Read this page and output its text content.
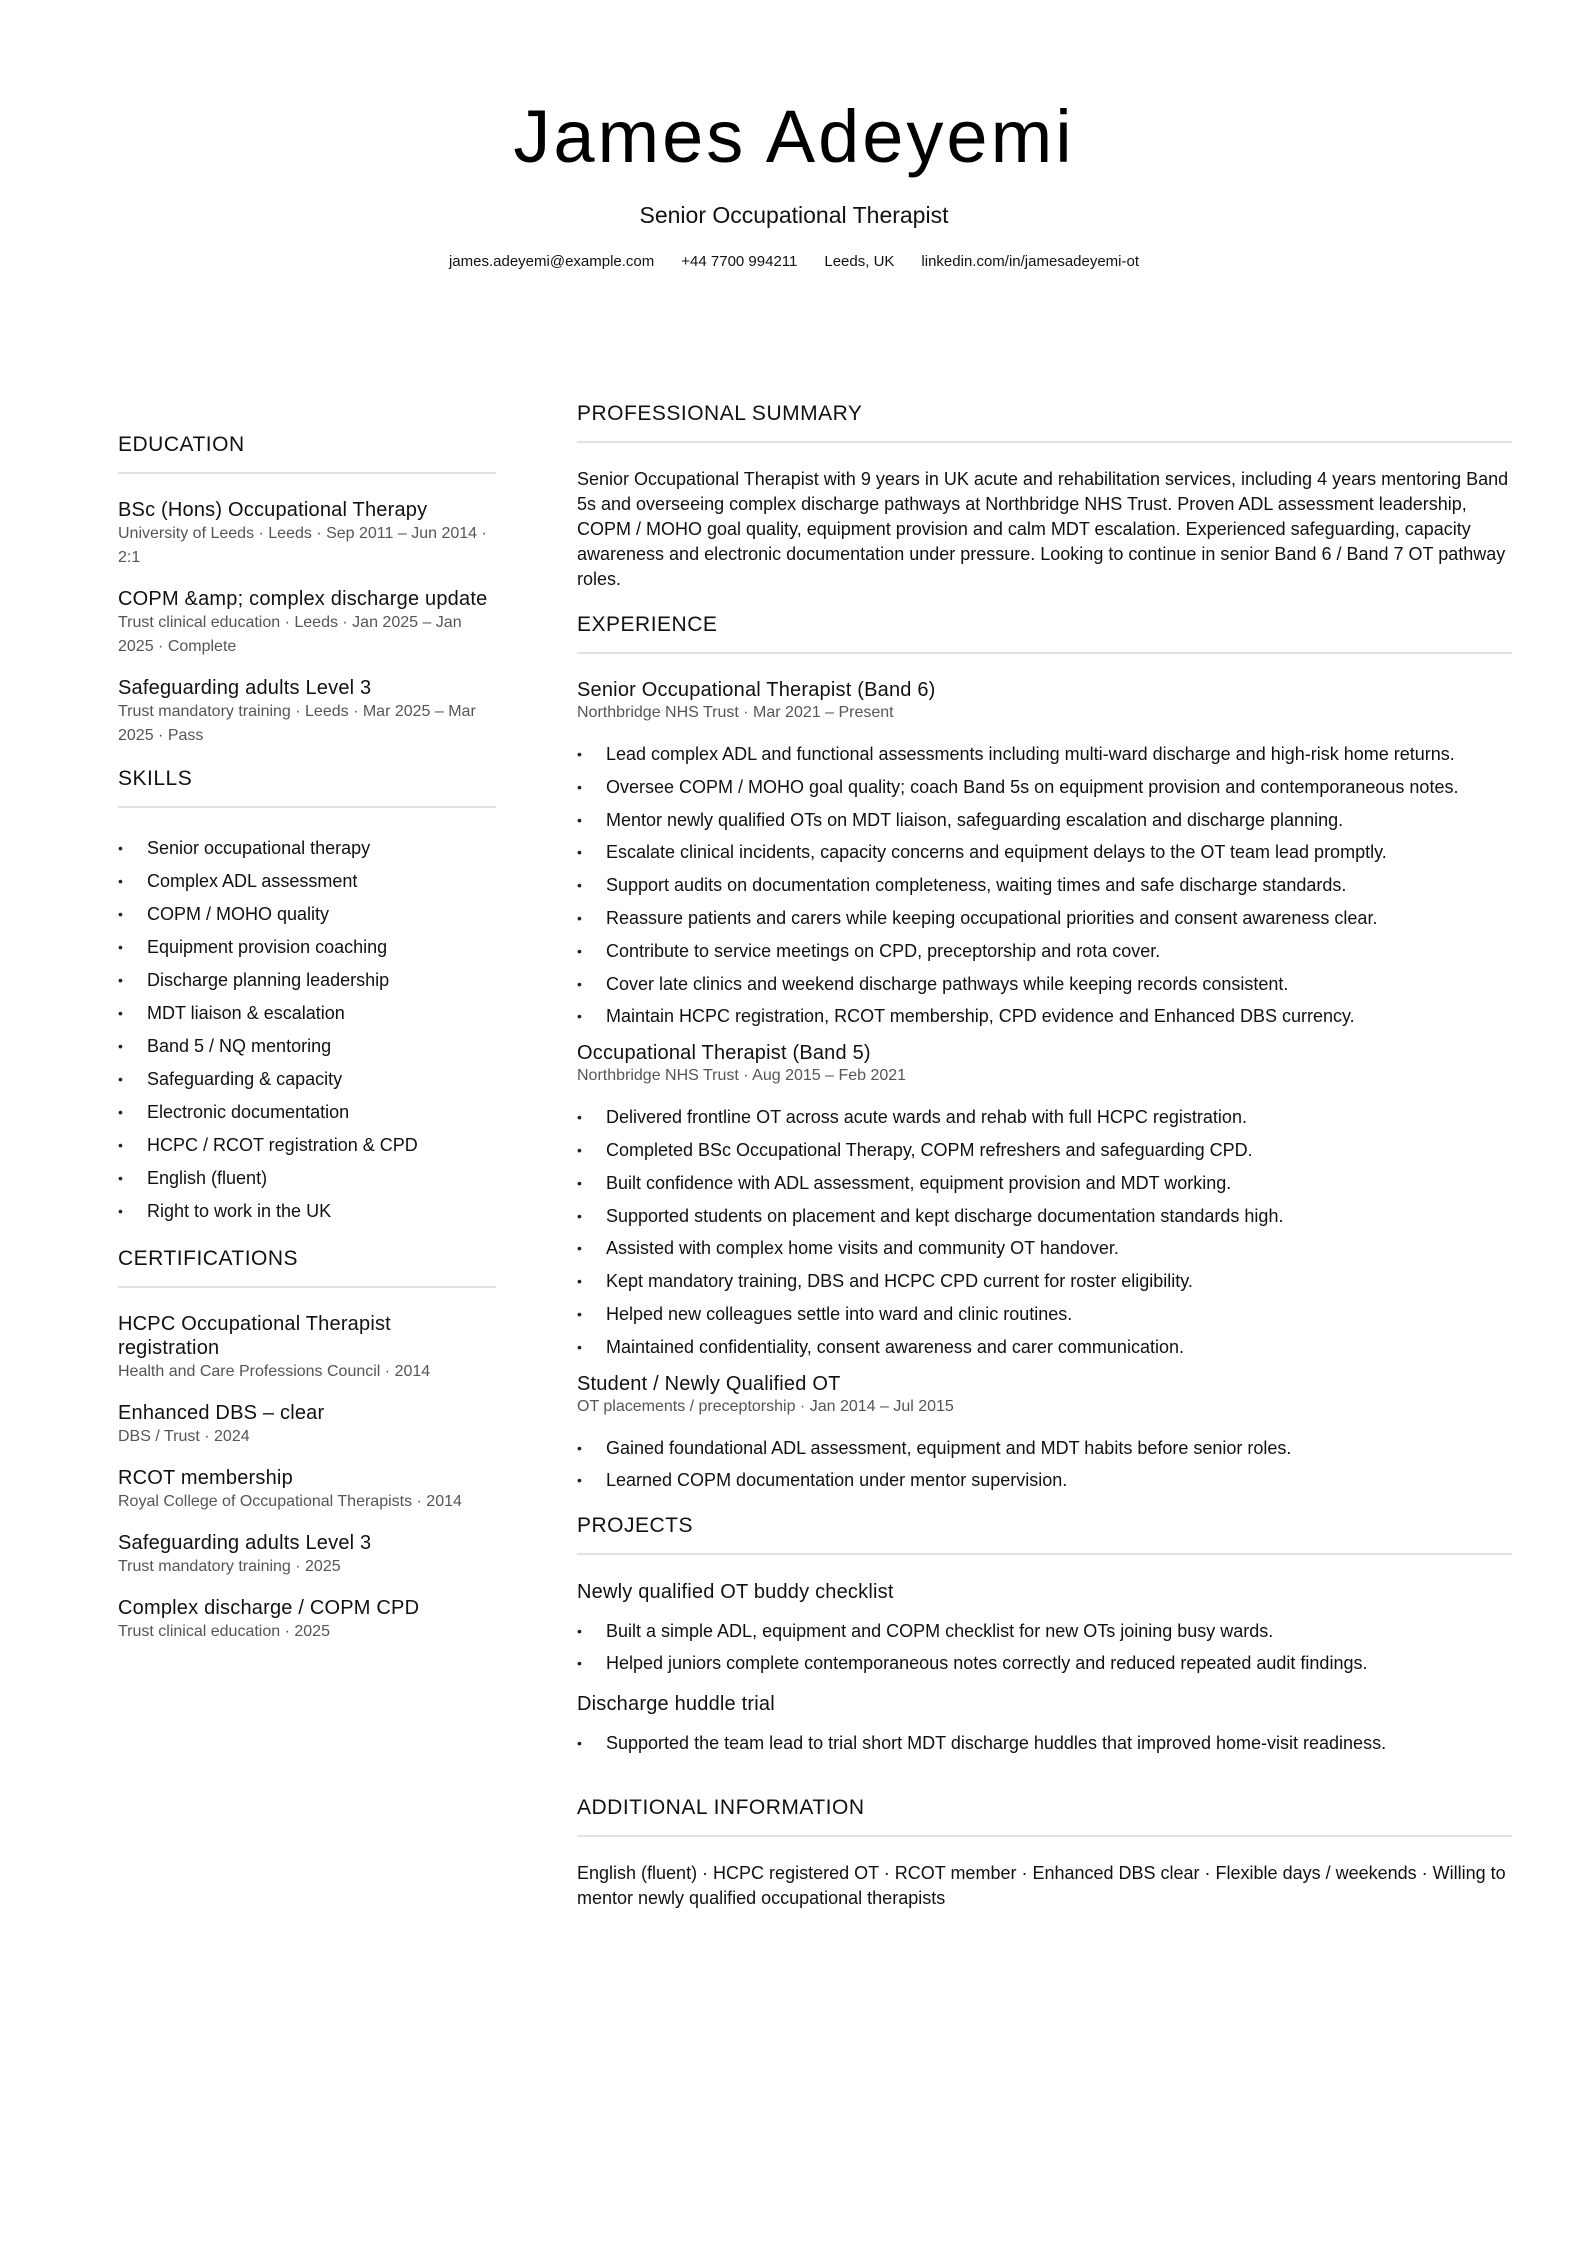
James Adeyemi
Senior Occupational Therapist
james.adeyemi@example.com +44 7700 994211 Leeds, UK linkedin.com/in/jamesadeyemi-ot
EDUCATION
BSc (Hons) Occupational Therapy
University of Leeds · Leeds · Sep 2011 – Jun 2014 · 2:1
COPM &amp; complex discharge update
Trust clinical education · Leeds · Jan 2025 – Jan 2025 · Complete
Safeguarding adults Level 3
Trust mandatory training · Leeds · Mar 2025 – Mar 2025 · Pass
SKILLS
• Senior occupational therapy
• Complex ADL assessment
• COPM / MOHO quality
• Equipment provision coaching
• Discharge planning leadership
• MDT liaison & escalation
• Band 5 / NQ mentoring
• Safeguarding & capacity
• Electronic documentation
• HCPC / RCOT registration & CPD
• English (fluent)
• Right to work in the UK
CERTIFICATIONS
HCPC Occupational Therapist registration
Health and Care Professions Council · 2014
Enhanced DBS – clear
DBS / Trust · 2024
RCOT membership
Royal College of Occupational Therapists · 2014
Safeguarding adults Level 3
Trust mandatory training · 2025
Complex discharge / COPM CPD
Trust clinical education · 2025
PROFESSIONAL SUMMARY

Senior Occupational Therapist with 9 years in UK acute and rehabilitation services, including 4 years mentoring Band 5s and overseeing complex discharge pathways at Northbridge NHS Trust. Proven ADL assessment leadership, COPM / MOHO goal quality, equipment provision and calm MDT escalation. Experienced safeguarding, capacity awareness and electronic documentation under pressure. Looking to continue in senior Band 6 / Band 7 OT pathway roles.

EXPERIENCE
Senior Occupational Therapist (Band 6)
Northbridge NHS Trust · Mar 2021 – Present
• Lead complex ADL and functional assessments including multi-ward discharge and high-risk home returns.
• Oversee COPM / MOHO goal quality; coach Band 5s on equipment provision and contemporaneous notes.
• Mentor newly qualified OTs on MDT liaison, safeguarding escalation and discharge planning.
• Escalate clinical incidents, capacity concerns and equipment delays to the OT team lead promptly.
• Support audits on documentation completeness, waiting times and safe discharge standards.
• Reassure patients and carers while keeping occupational priorities and consent awareness clear.
• Contribute to service meetings on CPD, preceptorship and rota cover.
• Cover late clinics and weekend discharge pathways while keeping records consistent.
• Maintain HCPC registration, RCOT membership, CPD evidence and Enhanced DBS currency.
Occupational Therapist (Band 5)
Northbridge NHS Trust · Aug 2015 – Feb 2021
• Delivered frontline OT across acute wards and rehab with full HCPC registration.
• Completed BSc Occupational Therapy, COPM refreshers and safeguarding CPD.
• Built confidence with ADL assessment, equipment provision and MDT working.
• Supported students on placement and kept discharge documentation standards high.
• Assisted with complex home visits and community OT handover.
• Kept mandatory training, DBS and HCPC CPD current for roster eligibility.
• Helped new colleagues settle into ward and clinic routines.
• Maintained confidentiality, consent awareness and carer communication.
Student / Newly Qualified OT
OT placements / preceptorship · Jan 2014 – Jul 2015
• Gained foundational ADL assessment, equipment and MDT habits before senior roles.
• Learned COPM documentation under mentor supervision.
PROJECTS
Newly qualified OT buddy checklist
• Built a simple ADL, equipment and COPM checklist for new OTs joining busy wards.
• Helped juniors complete contemporaneous notes correctly and reduced repeated audit findings.
Discharge huddle trial
• Supported the team lead to trial short MDT discharge huddles that improved home-visit readiness.
ADDITIONAL INFORMATION

English (fluent) · HCPC registered OT · RCOT member · Enhanced DBS clear · Flexible days / weekends · Willing to mentor newly qualified occupational therapists
